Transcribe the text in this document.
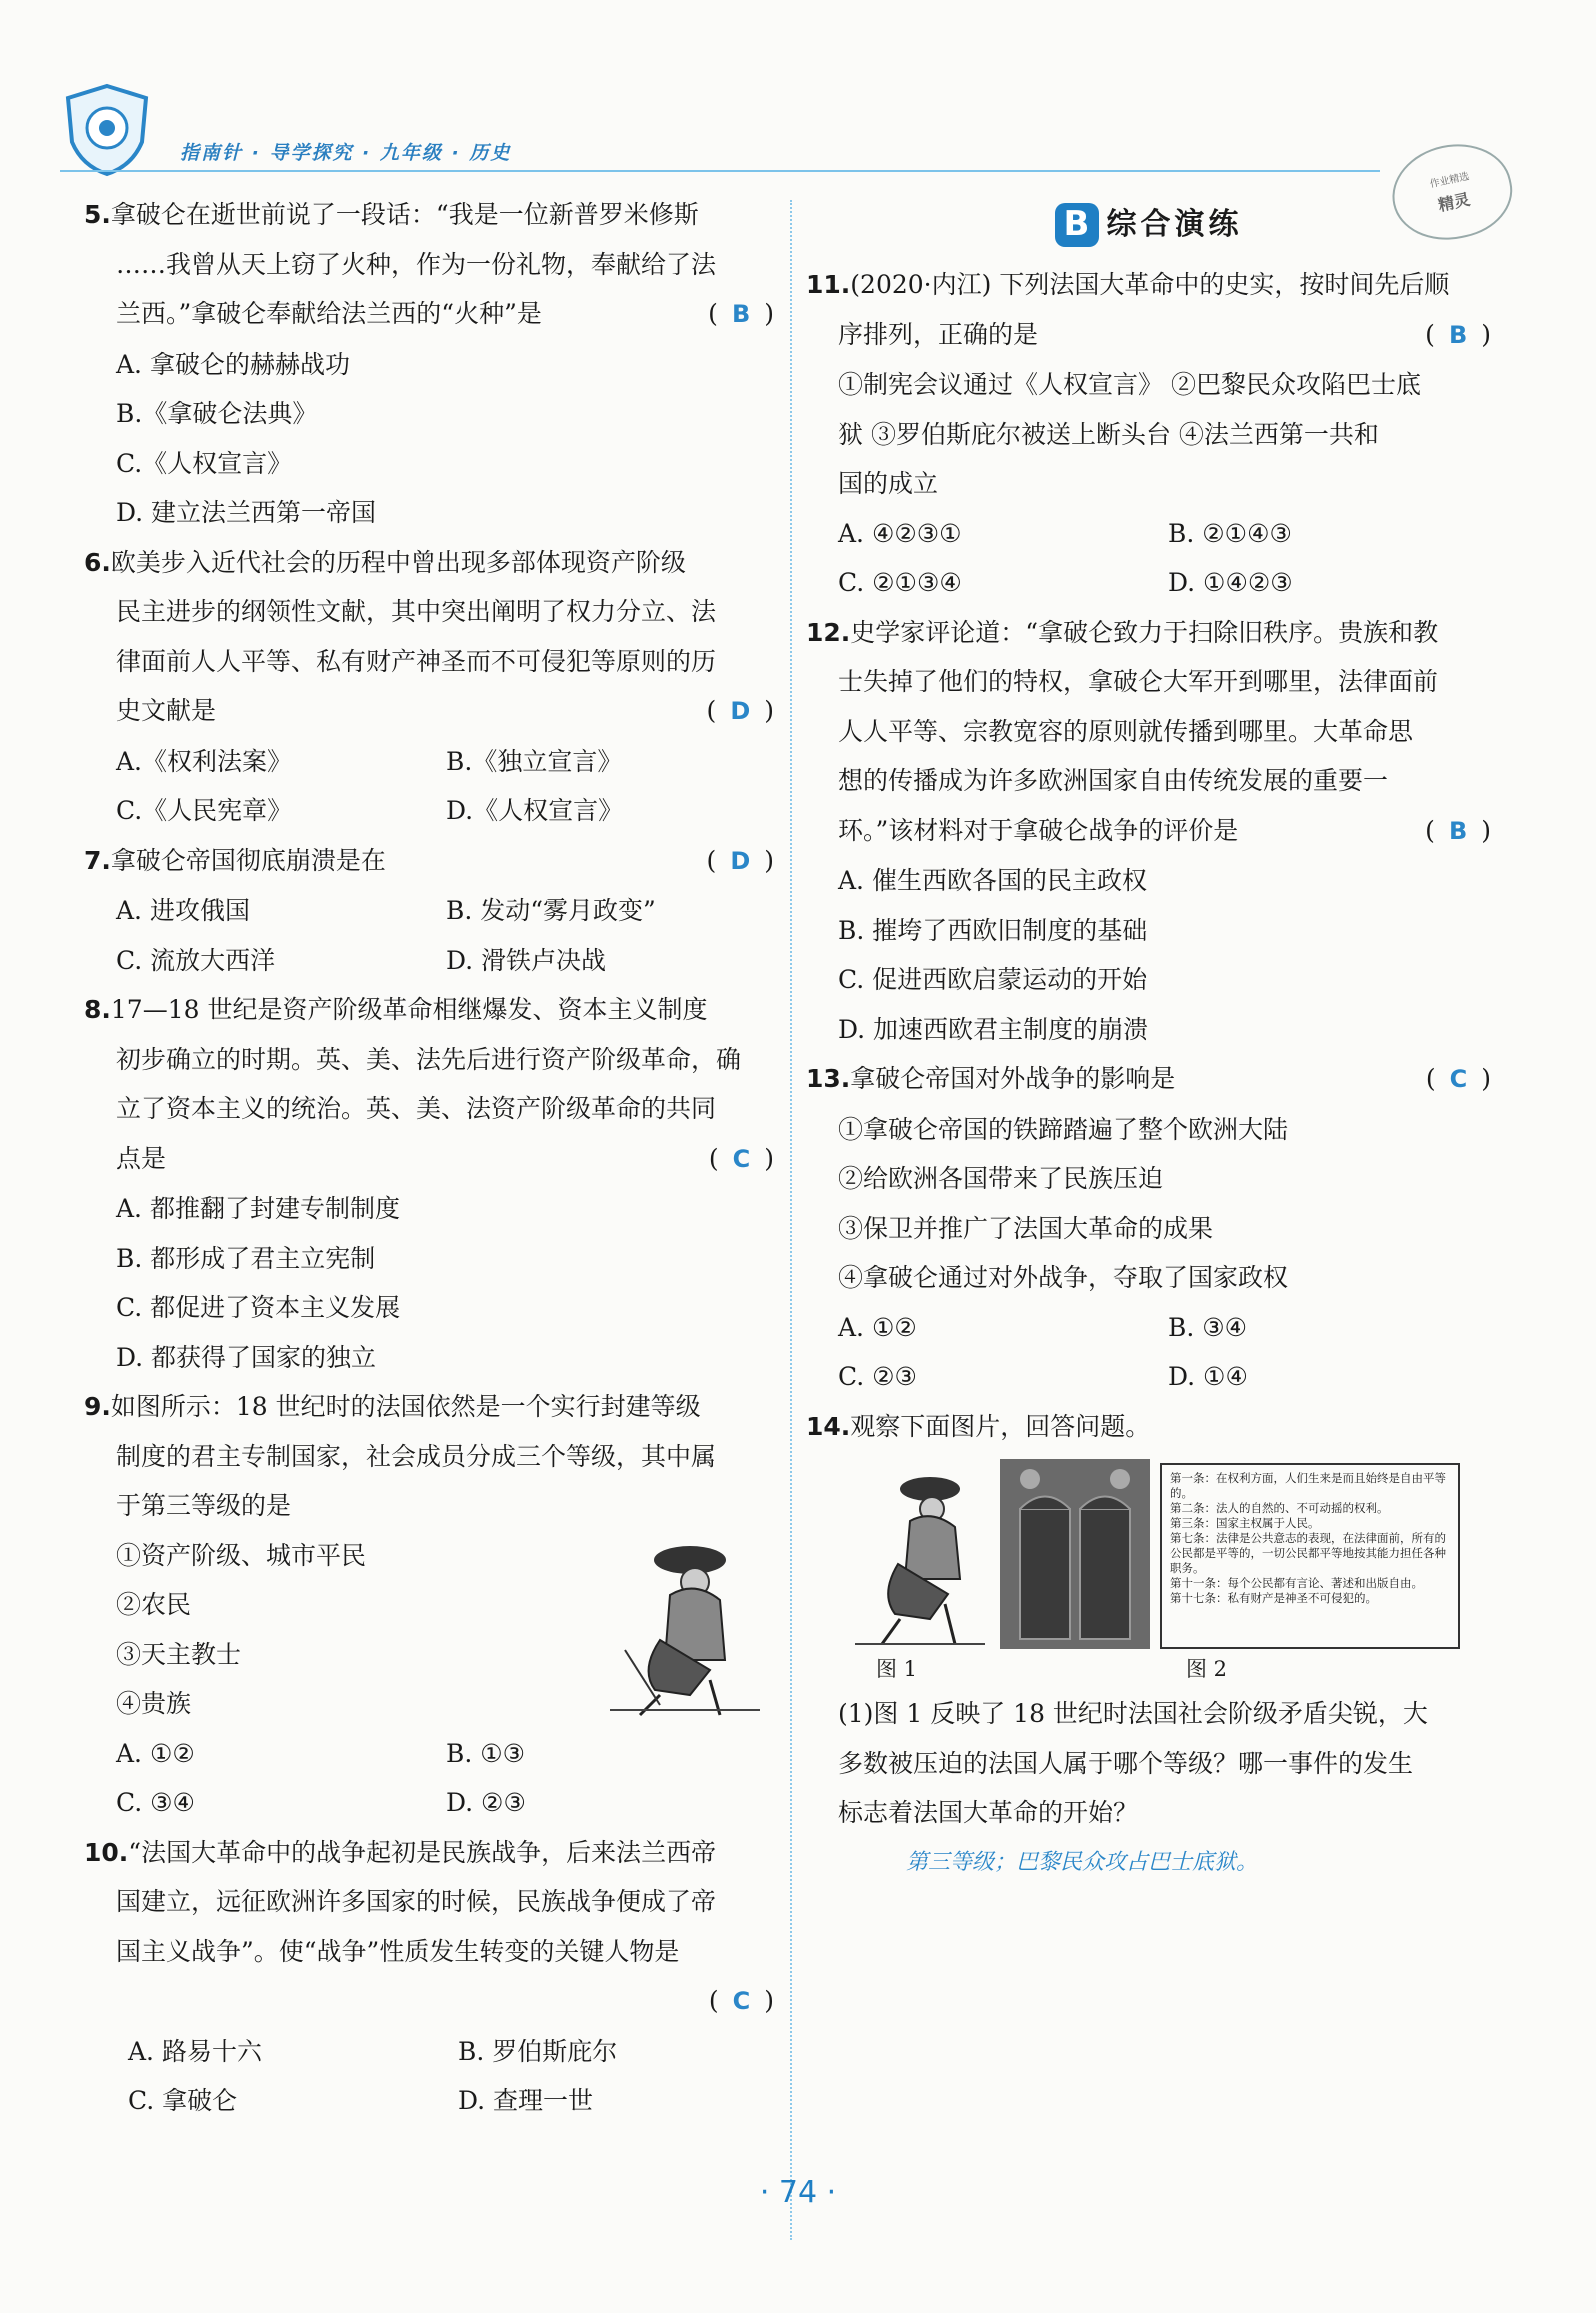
指南针 · 导学探究 · 九年级 · 历史
作业精选
精灵
5.拿破仑在逝世前说了一段话：“我是一位新普罗米修斯
……我曾从天上窃了火种，作为一份礼物，奉献给了法
兰西。”拿破仑奉献给法兰西的“火种”是	( B )
A. 拿破仑的赫赫战功
B.《拿破仑法典》
C.《人权宣言》
D. 建立法兰西第一帝国
6.欧美步入近代社会的历程中曾出现多部体现资产阶级
民主进步的纲领性文献，其中突出阐明了权力分立、法
律面前人人平等、私有财产神圣而不可侵犯等原则的历
史文献是	( D )
A.《权利法案》	B.《独立宣言》
C.《人民宪章》	D.《人权宣言》
7.拿破仑帝国彻底崩溃是在	( D )
A. 进攻俄国	B. 发动“雾月政变”
C. 流放大西洋	D. 滑铁卢决战
8.17—18 世纪是资产阶级革命相继爆发、资本主义制度
初步确立的时期。英、美、法先后进行资产阶级革命，确
立了资本主义的统治。英、美、法资产阶级革命的共同
点是	( C )
A. 都推翻了封建专制制度
B. 都形成了君主立宪制
C. 都促进了资本主义发展
D. 都获得了国家的独立
9.如图所示：18 世纪时的法国依然是一个实行封建等级
制度的君主专制国家，社会成员分成三个等级，其中属
于第三等级的是
①资产阶级、城市平民
②农民
③天主教士
④贵族
A. ①②	B. ①③
C. ③④	D. ②③
10.“法国大革命中的战争起初是民族战争，后来法兰西帝
国建立，远征欧洲许多国家的时候，民族战争便成了帝
国主义战争”。使“战争”性质发生转变的关键人物是
( C )
A. 路易十六	B. 罗伯斯庇尔
C. 拿破仑	D. 查理一世
B 综合演练
11.(2020·内江) 下列法国大革命中的史实，按时间先后顺
序排列，正确的是	( B )
①制宪会议通过《人权宣言》 ②巴黎民众攻陷巴士底
狱 ③罗伯斯庇尔被送上断头台 ④法兰西第一共和
国的成立
A. ④②③①	B. ②①④③
C. ②①③④	D. ①④②③
12.史学家评论道：“拿破仑致力于扫除旧秩序。贵族和教
士失掉了他们的特权，拿破仑大军开到哪里，法律面前
人人平等、宗教宽容的原则就传播到哪里。大革命思
想的传播成为许多欧洲国家自由传统发展的重要一
环。”该材料对于拿破仑战争的评价是	( B )
A. 催生西欧各国的民主政权
B. 摧垮了西欧旧制度的基础
C. 促进西欧启蒙运动的开始
D. 加速西欧君主制度的崩溃
13.拿破仑帝国对外战争的影响是	( C )
①拿破仑帝国的铁蹄踏遍了整个欧洲大陆
②给欧洲各国带来了民族压迫
③保卫并推广了法国大革命的成果
④拿破仑通过对外战争，夺取了国家政权
A. ①②	B. ③④
C. ②③	D. ①④
14.观察下面图片，回答问题。
第一条：在权利方面，人们生来是而且始终是自由平等的。
第二条：法人的自然的、不可动摇的权利。
第三条：国家主权属于人民。
第七条：法律是公共意志的表现，在法律面前，所有的公民都是平等的，一切公民都平等地按其能力担任各种职务。
第十一条：每个公民都有言论、著述和出版自由。
第十七条：私有财产是神圣不可侵犯的。
图 1	图 2
(1)图 1 反映了 18 世纪时法国社会阶级矛盾尖锐，大
多数被压迫的法国人属于哪个等级？哪一事件的发生
标志着法国大革命的开始？
第三等级；巴黎民众攻占巴士底狱。
· 74 ·
